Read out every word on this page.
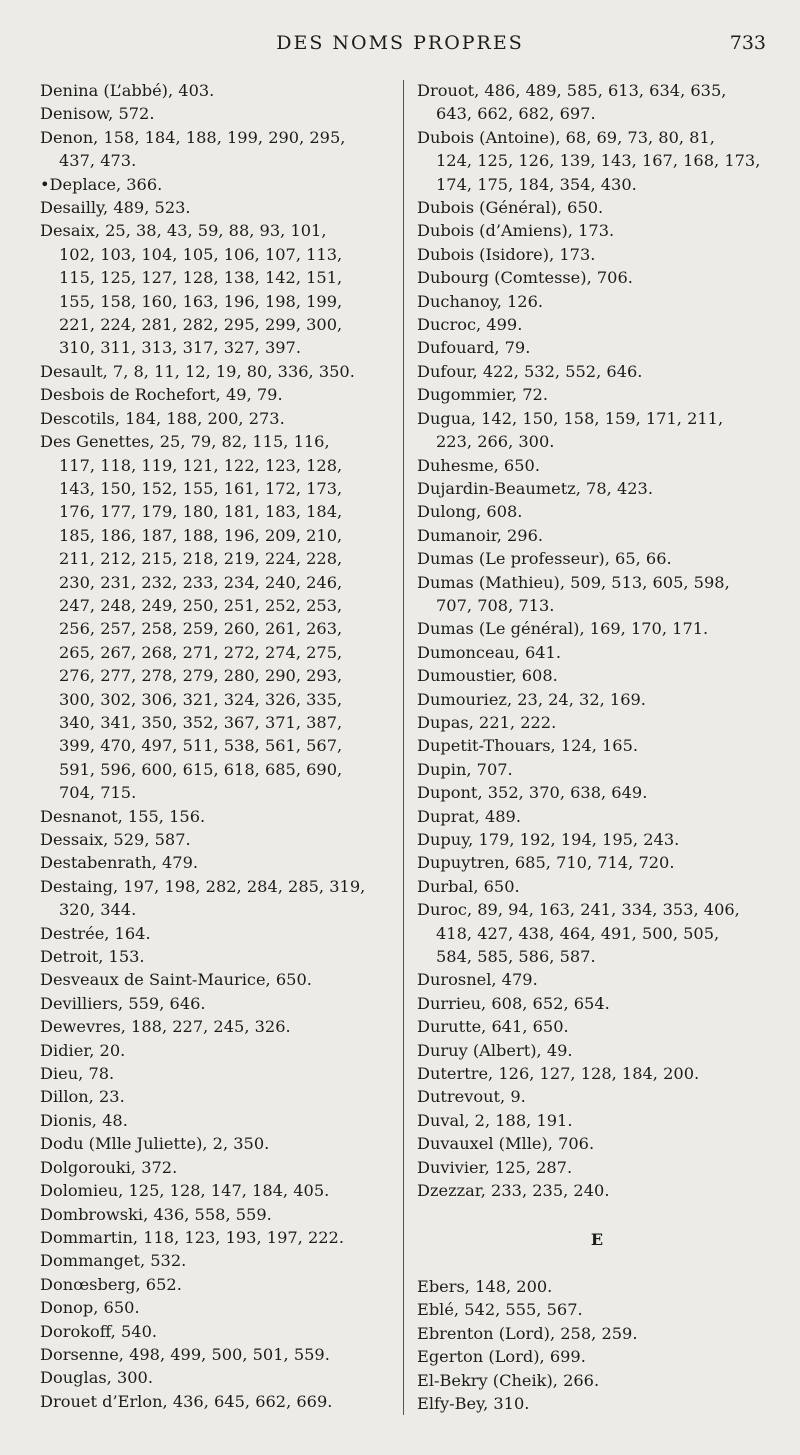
DES NOMS PROPRES	733
Denina (L’abbé), 403.
Denisow, 572.
Denon, 158, 184, 188, 199, 290, 295,
437, 473.
•Deplace, 366.
Desailly, 489, 523.
Desaix, 25, 38, 43, 59, 88, 93, 101,
102, 103, 104, 105, 106, 107, 113,
115, 125, 127, 128, 138, 142, 151,
155, 158, 160, 163, 196, 198, 199,
221, 224, 281, 282, 295, 299, 300,
310, 311, 313, 317, 327, 397.
Desault, 7, 8, 11, 12, 19, 80, 336, 350.
Desbois de Rochefort, 49, 79.
Descotils, 184, 188, 200, 273.
Des Genettes, 25, 79, 82, 115, 116,
117, 118, 119, 121, 122, 123, 128,
143, 150, 152, 155, 161, 172, 173,
176, 177, 179, 180, 181, 183, 184,
185, 186, 187, 188, 196, 209, 210,
211, 212, 215, 218, 219, 224, 228,
230, 231, 232, 233, 234, 240, 246,
247, 248, 249, 250, 251, 252, 253,
256, 257, 258, 259, 260, 261, 263,
265, 267, 268, 271, 272, 274, 275,
276, 277, 278, 279, 280, 290, 293,
300, 302, 306, 321, 324, 326, 335,
340, 341, 350, 352, 367, 371, 387,
399, 470, 497, 511, 538, 561, 567,
591, 596, 600, 615, 618, 685, 690,
704, 715.
Desnanot, 155, 156.
Dessaix, 529, 587.
Destabenrath, 479.
Destaing, 197, 198, 282, 284, 285, 319,
320, 344.
Destrée, 164.
Detroit, 153.
Desveaux de Saint-Maurice, 650.
Devilliers, 559, 646.
Dewevres, 188, 227, 245, 326.
Didier, 20.
Dieu, 78.
Dillon, 23.
Dionis, 48.
Dodu (Mlle Juliette), 2, 350.
Dolgorouki, 372.
Dolomieu, 125, 128, 147, 184, 405.
Dombrowski, 436, 558, 559.
Dommartin, 118, 123, 193, 197, 222.
Dommanget, 532.
Donœsberg, 652.
Donop, 650.
Dorokoff, 540.
Dorsenne, 498, 499, 500, 501, 559.
Douglas, 300.
Drouet d’Erlon, 436, 645, 662, 669.
Drouot, 486, 489, 585, 613, 634, 635,
643, 662, 682, 697.
Dubois (Antoine), 68, 69, 73, 80, 81,
124, 125, 126, 139, 143, 167, 168, 173,
174, 175, 184, 354, 430.
Dubois (Général), 650.
Dubois (d’Amiens), 173.
Dubois (Isidore), 173.
Dubourg (Comtesse), 706.
Duchanoy, 126.
Ducroc, 499.
Dufouard, 79.
Dufour, 422, 532, 552, 646.
Dugommier, 72.
Dugua, 142, 150, 158, 159, 171, 211,
223, 266, 300.
Duhesme, 650.
Dujardin-Beaumetz, 78, 423.
Dulong, 608.
Dumanoir, 296.
Dumas (Le professeur), 65, 66.
Dumas (Mathieu), 509, 513, 605, 598,
707, 708, 713.
Dumas (Le général), 169, 170, 171.
Dumonceau, 641.
Dumoustier, 608.
Dumouriez, 23, 24, 32, 169.
Dupas, 221, 222.
Dupetit-Thouars, 124, 165.
Dupin, 707.
Dupont, 352, 370, 638, 649.
Duprat, 489.
Dupuy, 179, 192, 194, 195, 243.
Dupuytren, 685, 710, 714, 720.
Durbal, 650.
Duroc, 89, 94, 163, 241, 334, 353, 406,
418, 427, 438, 464, 491, 500, 505,
584, 585, 586, 587.
Durosnel, 479.
Durrieu, 608, 652, 654.
Durutte, 641, 650.
Duruy (Albert), 49.
Dutertre, 126, 127, 128, 184, 200.
Dutrevout, 9.
Duval, 2, 188, 191.
Duvauxel (Mlle), 706.
Duvivier, 125, 287.
Dzezzar, 233, 235, 240.
E
Ebers, 148, 200.
Eblé, 542, 555, 567.
Ebrenton (Lord), 258, 259.
Egerton (Lord), 699.
El-Bekry (Cheik), 266.
Elfy-Bey, 310.
